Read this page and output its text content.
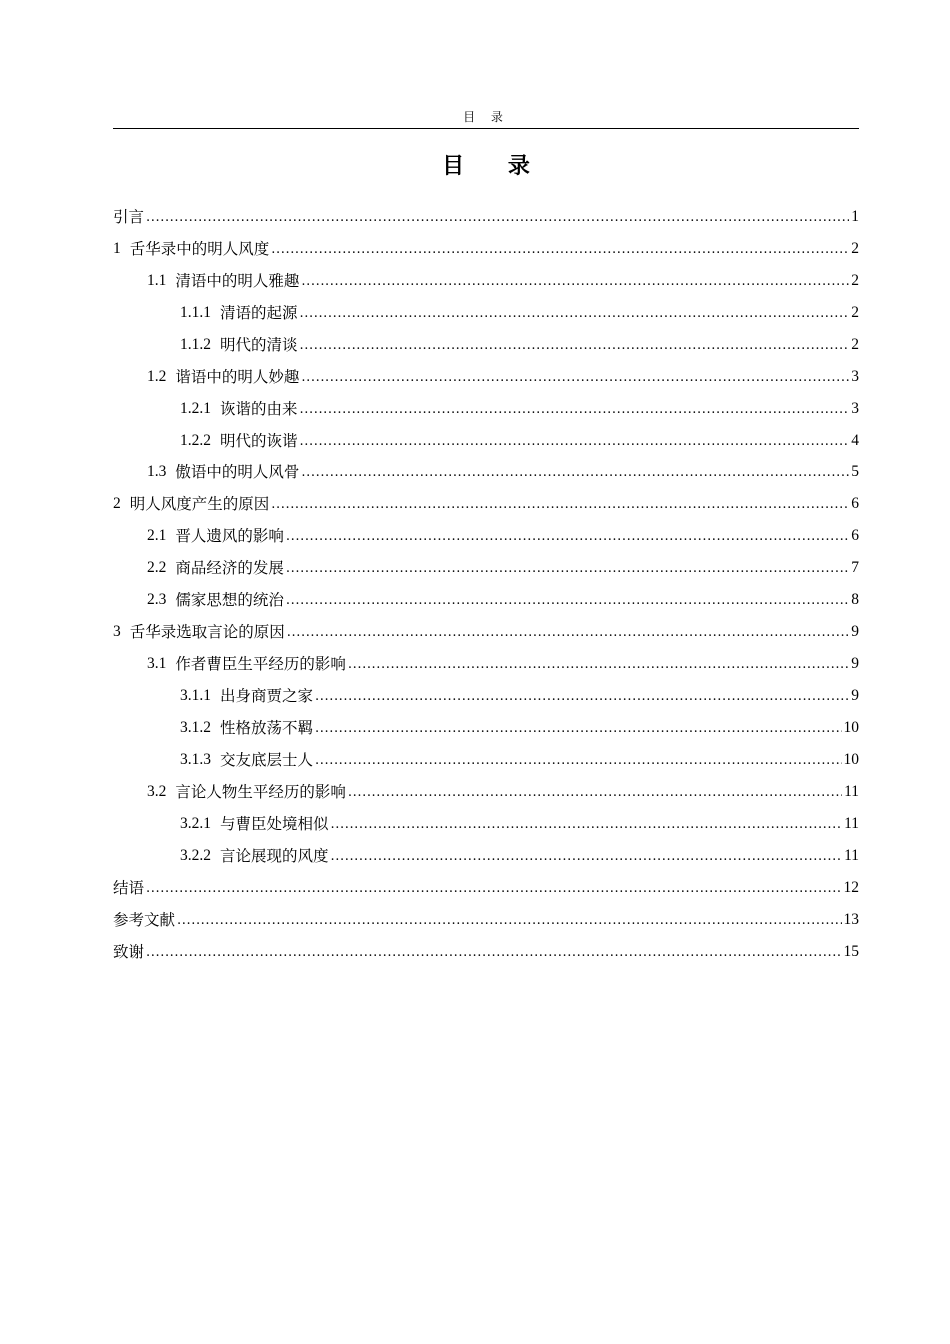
目 录
目 录
引言 .....	1
1 舌华录中的明人风度 .....	2
1.1 清语中的明人雅趣 .....	2
1.1.1 清语的起源 .....	2
1.1.2 明代的清谈 .....	2
1.2 谐语中的明人妙趣 .....	3
1.2.1 诙谐的由来 .....	3
1.2.2 明代的诙谐 .....	4
1.3 傲语中的明人风骨 .....	5
2 明人风度产生的原因 .....	6
2.1 晋人遗风的影响 .....	6
2.2 商品经济的发展 .....	7
2.3 儒家思想的统治 .....	8
3 舌华录选取言论的原因 .....	9
3.1 作者曹臣生平经历的影响 .....	9
3.1.1 出身商贾之家 .....	9
3.1.2 性格放荡不羁 .....	10
3.1.3 交友底层士人 .....	10
3.2 言论人物生平经历的影响 .....	11
3.2.1 与曹臣处境相似 .....	11
3.2.2 言论展现的风度 .....	11
结语 .....	12
参考文献 .....	13
致谢 .....	15
